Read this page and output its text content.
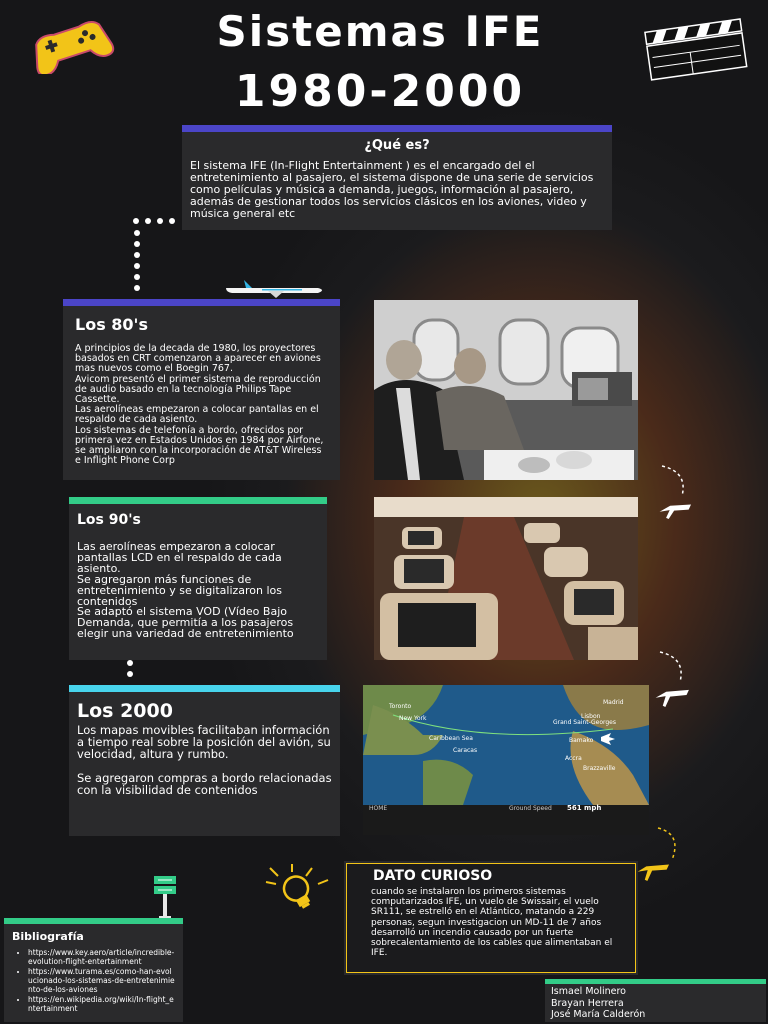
Sistemas IFE
1980-2000
¿Qué es?
El sistema IFE (In-Flight Entertainment ) es el encargado del el entretenimiento al pasajero, el sistema dispone de una serie de servicios como películas y música a demanda, juegos, información al pasajero, además de gestionar todos los servicios clásicos en los aviones, video y música general etc
Los 80's
A principios de la decada de 1980, los proyectores basados en CRT comenzaron a aparecer en aviones mas nuevos como el Boegin 767.
Avicom presentó el primer sistema de reproducción de audio basado en la tecnología Philips Tape Cassette.
Las aerolíneas empezaron a colocar pantallas en el respaldo de cada asiento.
Los sistemas de telefonía a bordo, ofrecidos por primera vez en Estados Unidos en 1984 por Airfone, se ampliaron con la incorporación de AT&T Wireless e Inflight Phone Corp
Los 90's
Las aerolíneas empezaron a colocar pantallas LCD en el respaldo de cada asiento.
Se agregaron más funciones de entretenimiento y se digitalizaron los contenidos
Se adaptó el sistema VOD (Vídeo Bajo Demanda, que permitía a los pasajeros elegir una variedad de entretenimiento
Los 2000
Los mapas movibles facilitaban información a tiempo real sobre la posición del avión, su velocidad, altura y rumbo.

Se agregaron compras a bordo relacionadas con la visibilidad de contenidos
New York	Lisbon
Toronto
Madrid
Caracas
Accra
Brazzaville
Caribbean Sea
Grand Saint-Georges
Bamako
HOME	Ground Speed 561 mph
DATO CURIOSO
cuando se instalaron los primeros sistemas computarizados IFE, un vuelo de Swissair, el vuelo SR111, se estrelló en el Atlántico, matando a 229 personas, segun investigacion un MD-11 de 7 años desarrolló un incendio causado por un fuerte sobrecalentamiento de los cables que alimentaban el IFE.
Bibliografía
• https://www.key.aero/article/incredible-evolution-flight-entertainment
• https://www.turama.es/como-han-evolucionado-los-sistemas-de-entretenimiento-de-los-aviones
• https://en.wikipedia.org/wiki/In-flight_entertainment
Ismael Molinero
Brayan Herrera
José María Calderón
